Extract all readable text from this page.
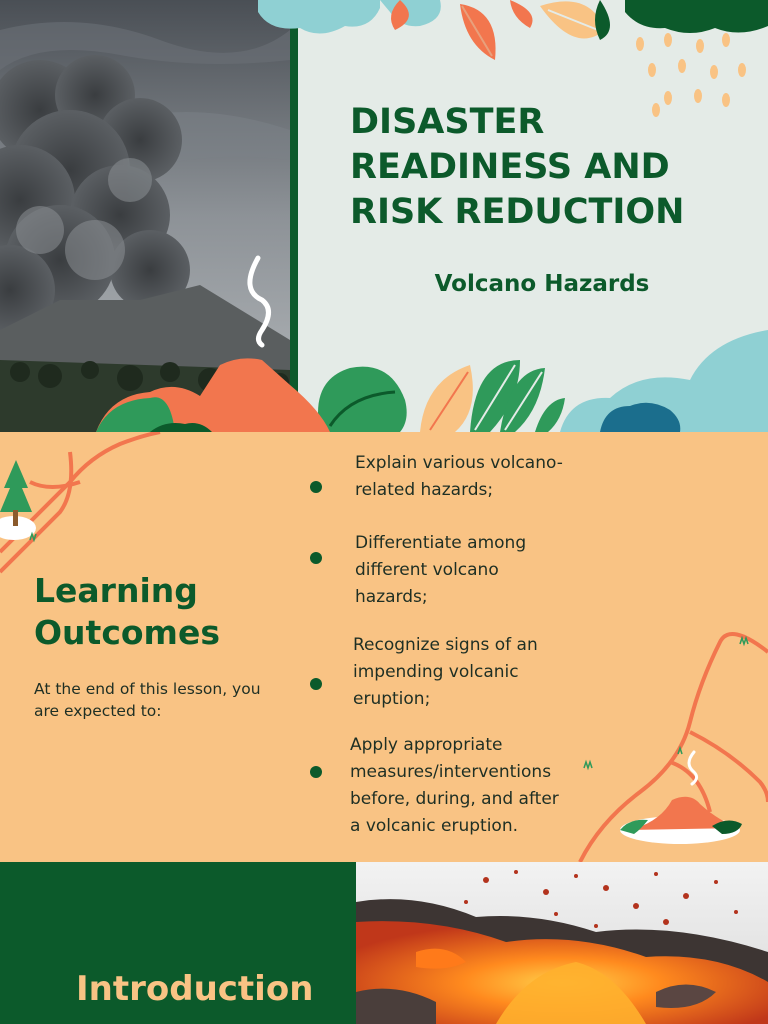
DISASTER
READINESS AND
RISK REDUCTION
Volcano Hazards
Learning
Outcomes

At the end of this lesson, you are expected to:

Explain various volcano-
related hazards;
Differentiate among
different volcano
hazards;
Recognize signs of an
impending volcanic
eruption;
Apply appropriate
measures/interventions
before, during, and after
a volcanic eruption.
Introduction
